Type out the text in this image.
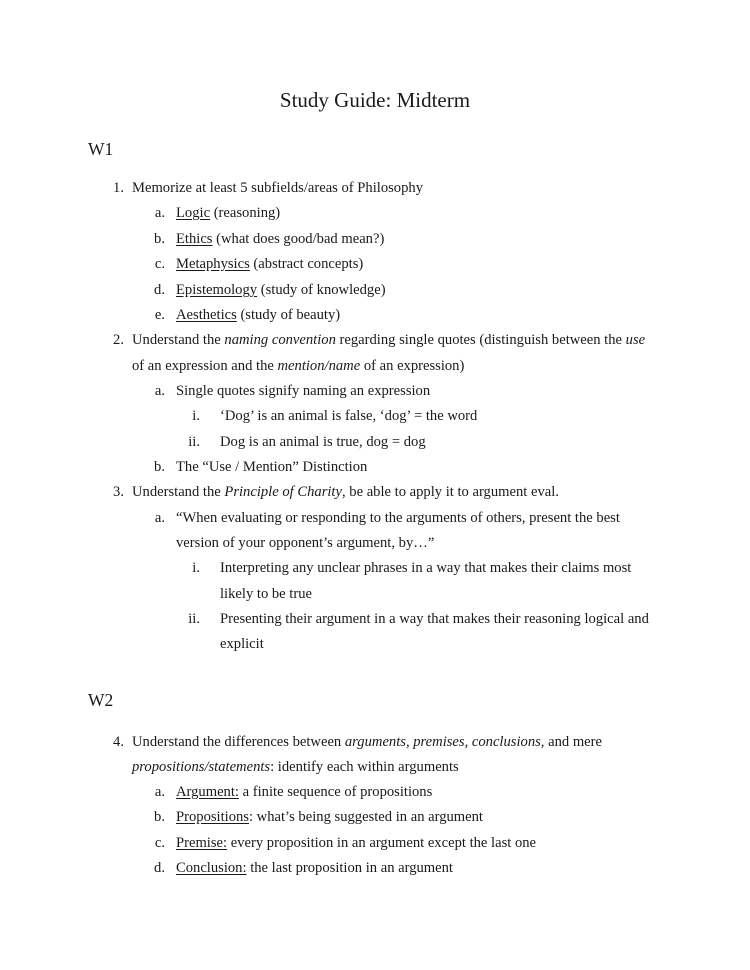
Study Guide: Midterm
W1
W2
1. Memorize at least 5 subfields/areas of Philosophy
a. Logic (reasoning)
b. Ethics (what does good/bad mean?)
c. Metaphysics (abstract concepts)
d. Epistemology (study of knowledge)
e. Aesthetics (study of beauty)
2. Understand the naming convention regarding single quotes (distinguish between the use
of an expression and the mention/name of an expression)
a. Single quotes signify naming an expression
i. ‘Dog’ is an animal is false, ‘dog’ = the word
ii. Dog is an animal is true, dog = dog
b. The “Use / Mention” Distinction
3. Understand the Principle of Charity, be able to apply it to argument eval.
a. “When evaluating or responding to the arguments of others, present the best
version of your opponent’s argument, by…”
i. Interpreting any unclear phrases in a way that makes their claims most
likely to be true
ii. Presenting their argument in a way that makes their reasoning logical and
explicit
4. Understand the differences between arguments, premises, conclusions, and mere
propositions/statements: identify each within arguments
a. Argument: a finite sequence of propositions
b. Propositions: what’s being suggested in an argument
c. Premise: every proposition in an argument except the last one
d. Conclusion: the last proposition in an argument
